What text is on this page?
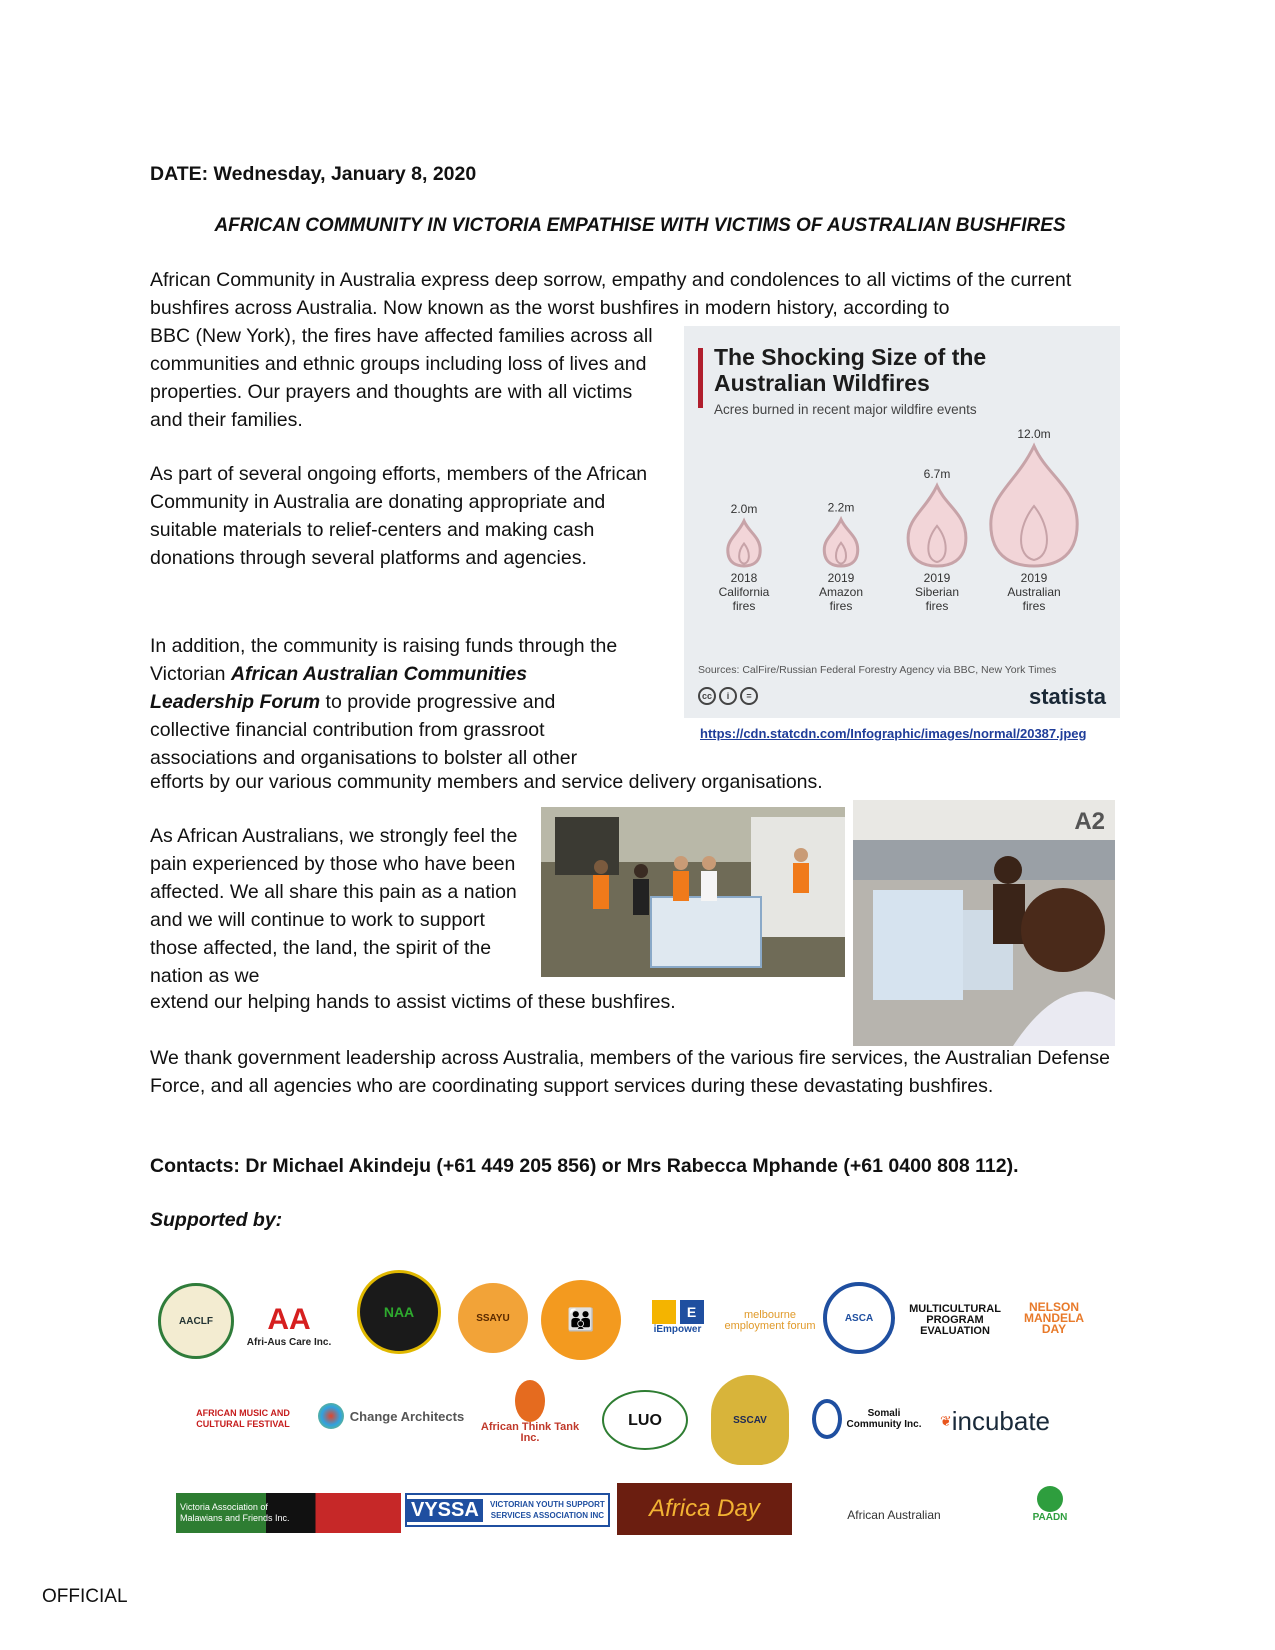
DATE: Wednesday, January 8, 2020
AFRICAN COMMUNITY IN VICTORIA EMPATHISE WITH VICTIMS OF AUSTRALIAN BUSHFIRES
African Community in Australia express deep sorrow, empathy and condolences to all victims of the current bushfires across Australia. Now known as the worst bushfires in modern history, according to
BBC (New York), the fires have affected families across all communities and ethnic groups including loss of lives and properties. Our prayers and thoughts are with all victims and their families.
As part of several ongoing efforts, members of the African Community in Australia are donating appropriate and suitable materials to relief-centers and making cash donations through several platforms and agencies.
In addition, the community is raising funds through the Victorian African Australian Communities Leadership Forum to provide progressive and collective financial contribution from grassroot associations and organisations to bolster all other
efforts by our various community members and service delivery organisations.
As African Australians, we strongly feel the pain experienced by those who have been affected. We all share this pain as a nation and we will continue to work to support those affected, the land, the spirit of the nation as we
extend our helping hands to assist victims of these bushfires.
We thank government leadership across Australia, members of the various fire services, the Australian Defense Force, and all agencies who are coordinating support services during these devastating bushfires.
Contacts: Dr Michael Akindeju (+61 449 205 856) or Mrs Rabecca Mphande (+61 0400 808 112).
Supported by:
The Shocking Size of the
Australian Wildfires
Acres burned in recent major wildfire events
2.0m
2018
California
fires
2.2m
2019
Amazon
fires
6.7m
2019
Siberian
fires
12.0m
2019
Australian
fires
Sources: CalFire/Russian Federal Forestry Agency via BBC, New York Times
cc	i	=	statista
https://cdn.statcdn.com/Infographic/images/normal/20387.jpeg
A2
AACLF AA
Afri-Aus Care Inc.
NAA	SSAYU	👪	E
iEmpower
melbourne employment forum
ASCA
MULTICULTURAL PROGRAM EVALUATION
NELSON MANDELA DAY
AFRICAN MUSIC AND CULTURAL FESTIVAL
Change Architects
African Think Tank Inc.
LUO	SSCAV
Somali Community Inc. ❦ incubate
Victoria Association of Malawians and Friends Inc.	VYSSA	VICTORIAN YOUTH SUPPORT SERVICES ASSOCIATION INC Africa Day	African Australian	PAADN
OFFICIAL
